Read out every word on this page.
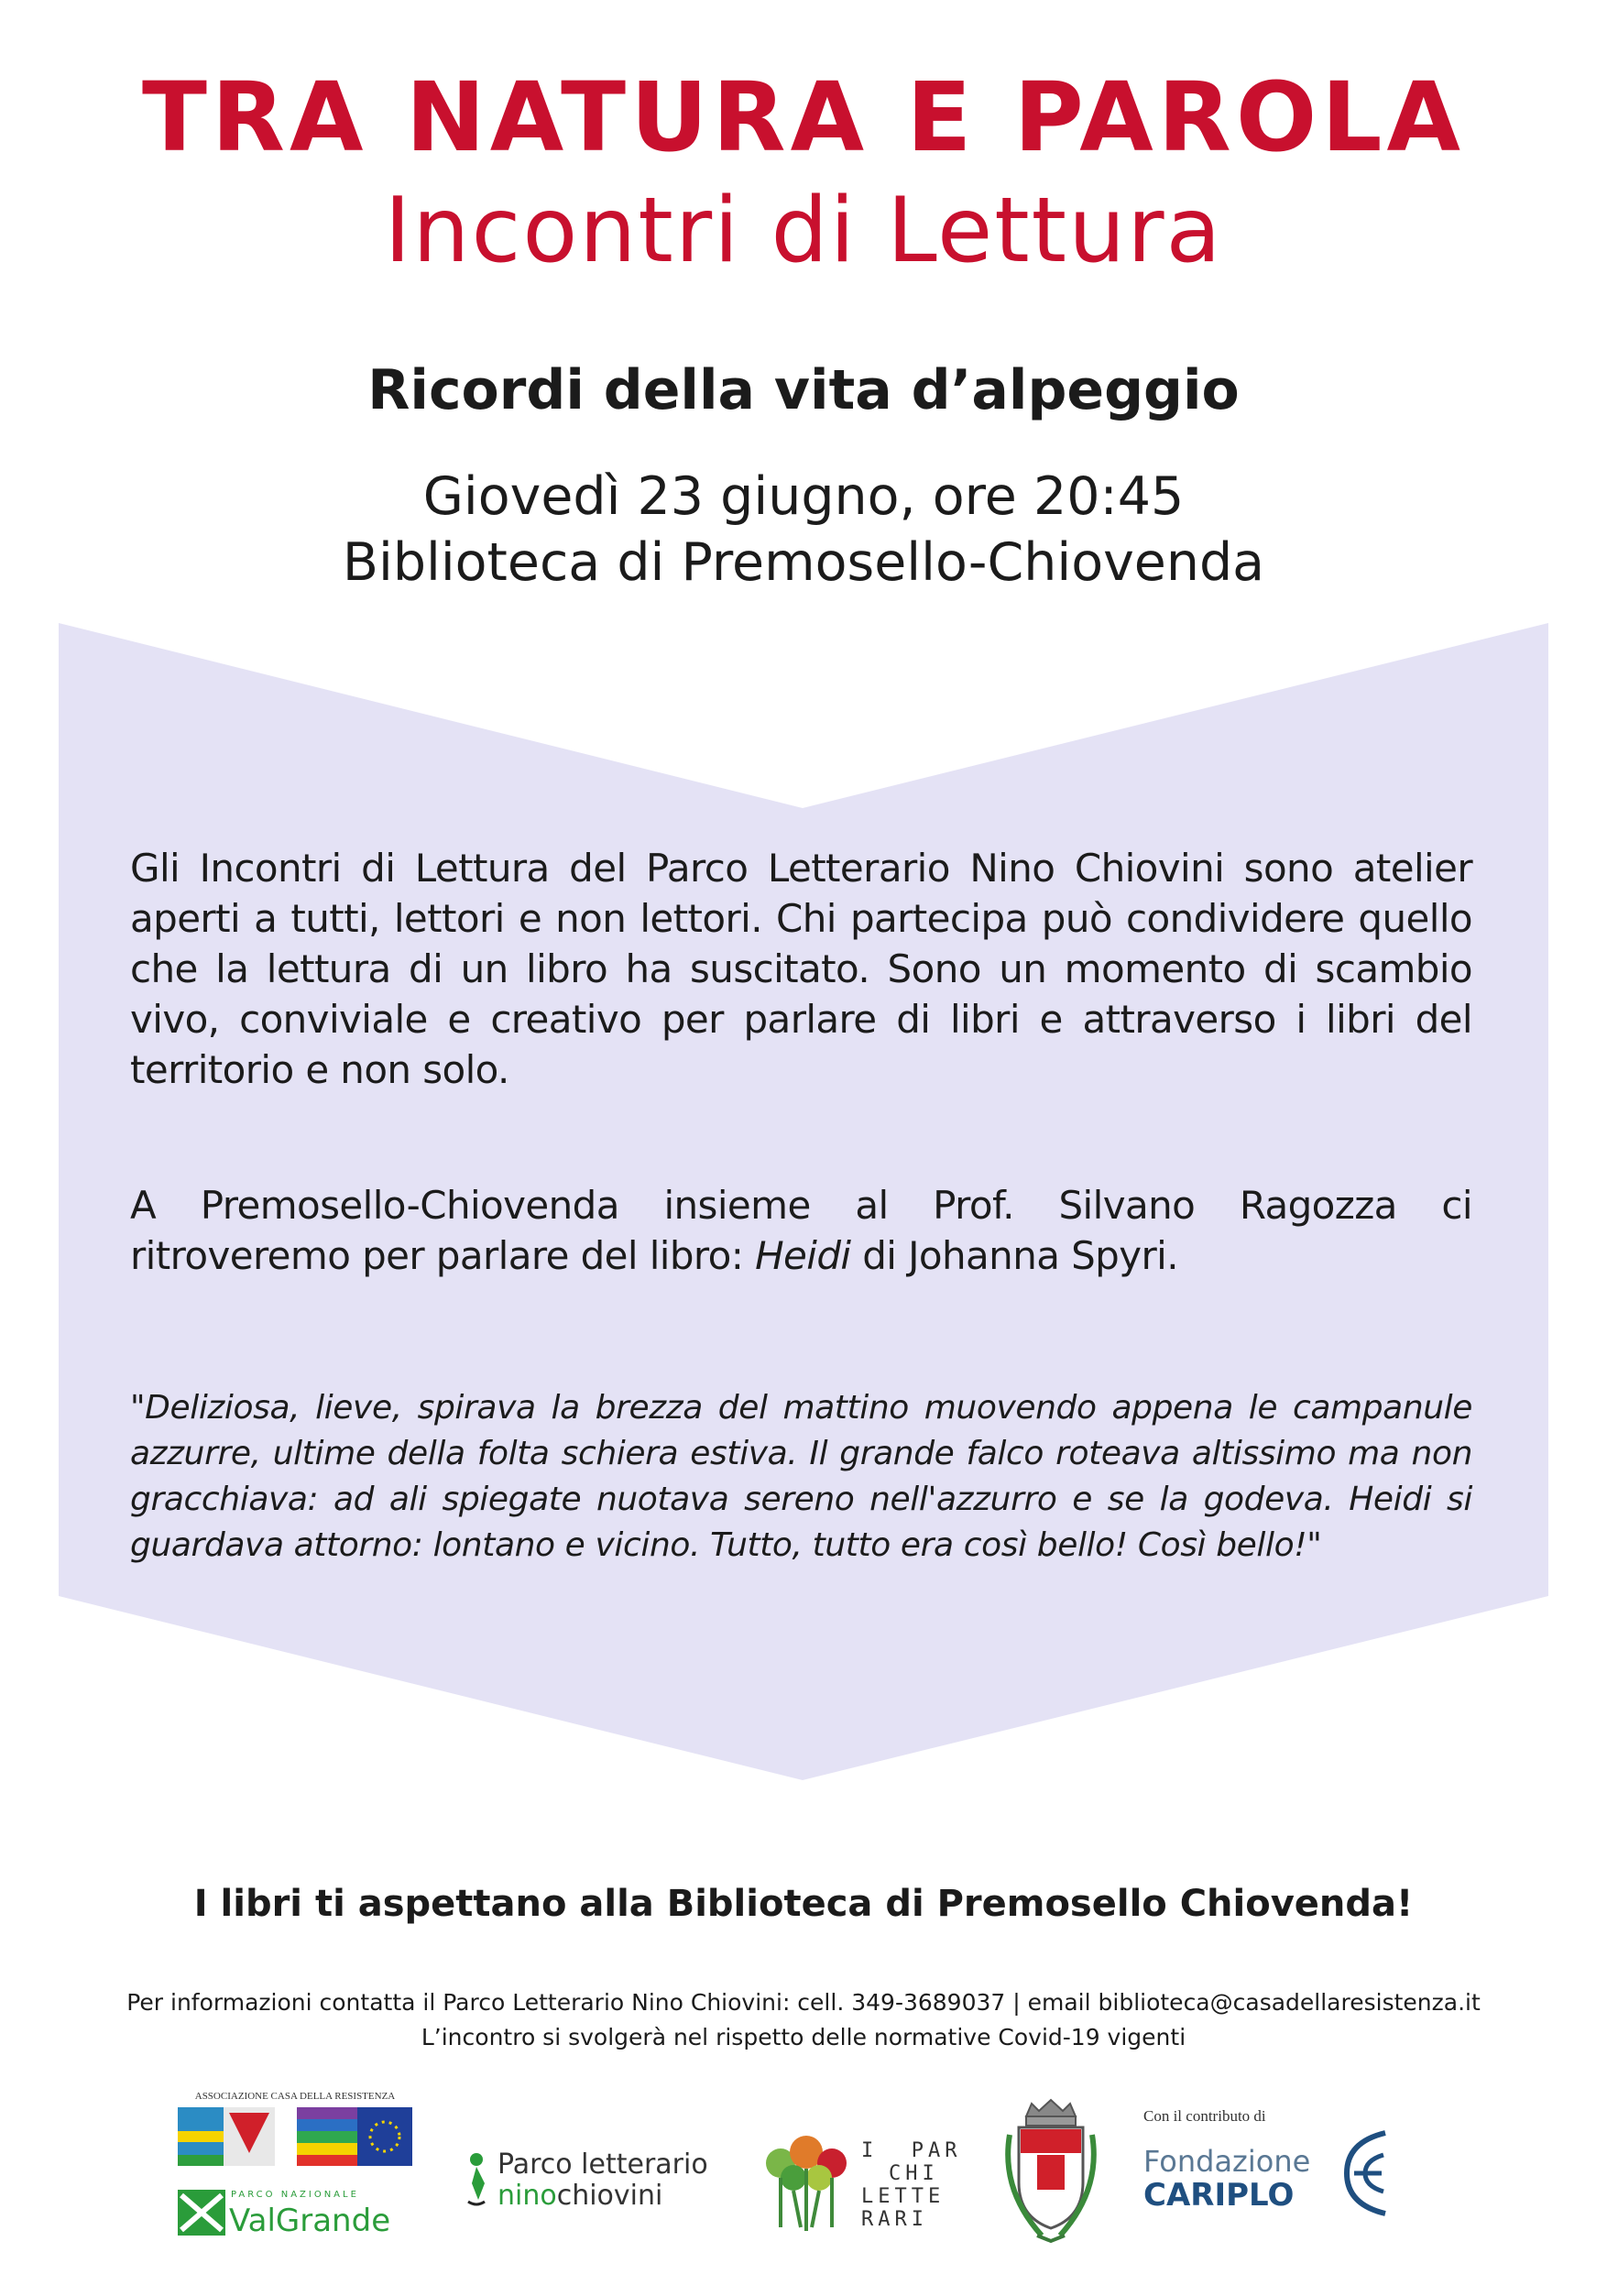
TRA NATURA E PAROLA
Incontri di Lettura
Ricordi della vita d’alpeggio
Giovedì 23 giugno, ore 20:45
Biblioteca di Premosello-Chiovenda
Gli Incontri di Lettura del Parco Letterario Nino Chiovini sono atelier aperti a tutti, lettori e non lettori. Chi partecipa può condividere quello che la lettura di un libro ha suscitato. Sono un momento di scambio vivo, conviviale e creativo per parlare di libri e attraverso i libri del territorio e non solo.
A Premosello-Chiovenda insieme al Prof. Silvano Ragozza ci ritroveremo per parlare del libro: Heidi di Johanna Spyri.
"Deliziosa, lieve, spirava la brezza del mattino muovendo appena le campanule azzurre, ultime della folta schiera estiva. Il grande falco roteava altissimo ma non gracchiava: ad ali spiegate nuotava sereno nell'azzurro e se la godeva. Heidi si guardava attorno: lontano e vicino. Tutto, tutto era così bello! Così bello!"
I libri ti aspettano alla Biblioteca di Premosello Chiovenda!
Per informazioni contatta il Parco Letterario Nino Chiovini: cell. 349-3689037 | email biblioteca@casadellaresistenza.it
L’incontro si svolgerà nel rispetto delle normative Covid-19 vigenti
ASSOCIAZIONE CASA DELLA RESISTENZA
PARCO NAZIONALE
ValGrande
Parco letterario
ninochiovini
I  PAR
CHI
LETTE
RARI
Con il contributo di
Fondazione
CARIPLO
